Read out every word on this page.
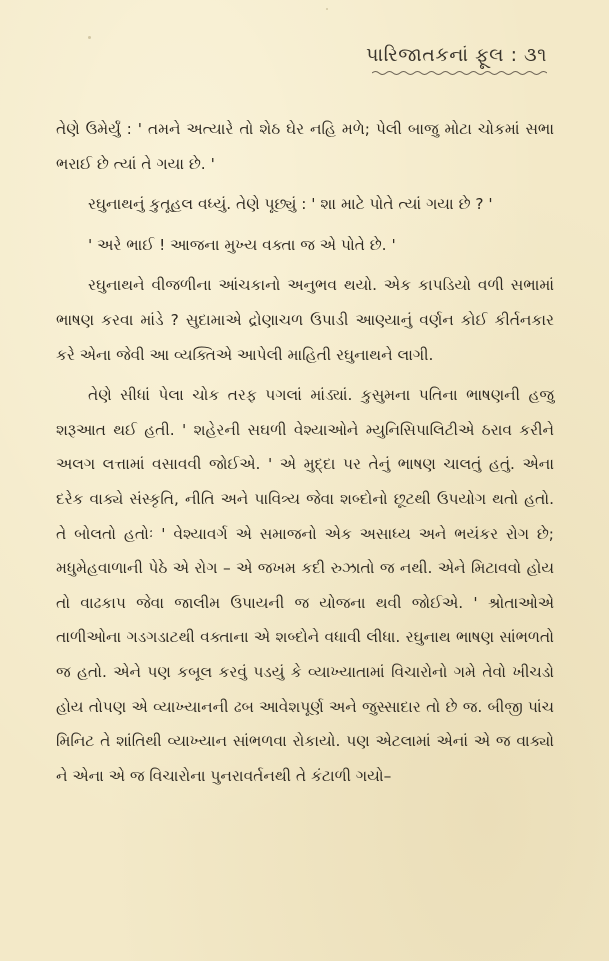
પારિજાતકનાં ફૂલ : ૩૧

તેણે ઉમેર્યું : ' તમને અત્યારે તો શેઠ ઘેર નહિ મળે; પેલી બાજુ મોટા ચોકમાં સભા ભરાઈ છે ત્યાં તે ગયા છે. '

રઘુનાથનું કુતૂહલ વધ્યું. તેણે પૂછ્યું : ' શા માટે પોતે ત્યાં ગયા છે ? '

' અરે ભાઈ ! આજના મુખ્ય વક્તા જ એ પોતે છે. '

રઘુનાથને વીજળીના આંચકાનો અનુભવ થયો. એક કાપડિયો વળી સભામાં ભાષણ કરવા માંડે ? સુદામાએ દ્રોણાચળ ઉપાડી આણ્યાનું વર્ણન કોઈ કીર્તનકાર કરે એના જેવી આ વ્યક્તિએ આપેલી માહિતી રઘુનાથને લાગી.

તેણે સીધાં પેલા ચોક તરફ પગલાં માંડ્યાં. કુસુમના પતિના ભાષણની હજુ શરૂઆત થઈ હતી. ' શહેરની સઘળી વેશ્યાઓને મ્યુનિસિપાલિટીએ ઠરાવ કરીને અલગ લત્તામાં વસાવવી જોઈએ. ' એ મુદ્દા પર તેનું ભાષણ ચાલતું હતું. એના દરેક વાક્યે સંસ્કૃતિ, નીતિ અને પાવિત્ર્ય જેવા શબ્દોનો છૂટથી ઉપયોગ થતો હતો. તે બોલતો હતોઃ ' વેશ્યાવર્ગ એ સમાજનો એક અસાધ્ય અને ભયંકર રોગ છે; મધુમેહવાળાની પેઠે એ રોગ – એ જખમ કદી રુઝાતો જ નથી. એને મિટાવવો હોય તો વાઢકાપ જેવા જાલીમ ઉપાયની જ યોજના થવી જોઈએ. ' શ્રોતાઓએ તાળીઓના ગડગડાટથી વક્તાના એ શબ્દોને વધાવી લીધા. રઘુનાથ ભાષણ સાંભળતો જ હતો. એને પણ કબૂલ કરવું પડયું કે વ્યાખ્યાતામાં વિચારોનો ગમે તેવો ખીચડો હોય તોપણ એ વ્યાખ્યાનની ઢબ આવેશપૂર્ણ અને જુસ્સાદાર તો છે જ. બીજી પાંચ મિનિટ તે શાંતિથી વ્યાખ્યાન સાંભળવા રોકાયો. પણ એટલામાં એનાં એ જ વાક્યો ને એના એ જ વિચારોના પુનરાવર્તનથી તે કંટાળી ગયો–
